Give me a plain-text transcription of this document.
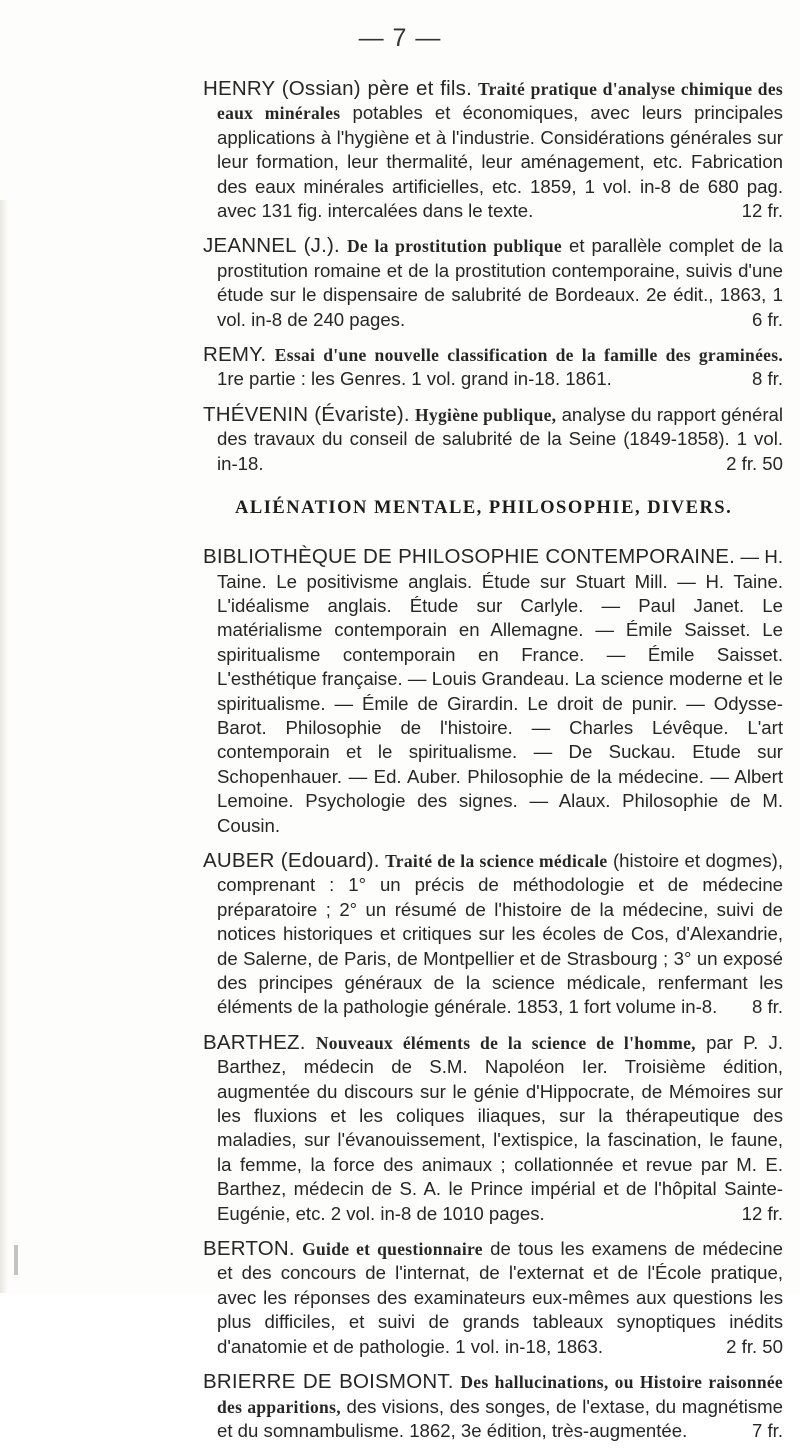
— 7 —

HENRY (Ossian) père et fils. Traité pratique d'analyse chimique des eaux minérales potables et économiques, avec leurs principales applications à l'hygiène et à l'industrie. Considérations générales sur leur formation, leur thermalité, leur aménagement, etc. Fabrication des eaux minérales artificielles, etc. 1859, 1 vol. in-8 de 680 pag. avec 131 fig. intercalées dans le texte.	12 fr.

JEANNEL (J.). De la prostitution publique et parallèle complet de la prostitution romaine et de la prostitution contemporaine, suivis d'une étude sur le dispensaire de salubrité de Bordeaux. 2e édit., 1863, 1 vol. in-8 de 240 pages.	6 fr.

REMY. Essai d'une nouvelle classification de la famille des graminées. 1re partie : les Genres. 1 vol. grand in-18. 1861.	8 fr.

THÉVENIN (Évariste). Hygiène publique, analyse du rapport général des travaux du conseil de salubrité de la Seine (1849-1858). 1 vol. in-18.	2 fr. 50

ALIÉNATION MENTALE, PHILOSOPHIE, DIVERS.

BIBLIOTHÈQUE DE PHILOSOPHIE CONTEMPORAINE. — H. Taine. Le positivisme anglais. Étude sur Stuart Mill. — H. Taine. L'idéalisme anglais. Étude sur Carlyle. — Paul Janet. Le matérialisme contemporain en Allemagne. — Émile Saisset. Le spiritualisme contemporain en France. — Émile Saisset. L'esthétique française. — Louis Grandeau. La science moderne et le spiritualisme. — Émile de Girardin. Le droit de punir. — Odysse-Barot. Philosophie de l'histoire. — Charles Lévêque. L'art contemporain et le spiritualisme. — De Suckau. Etude sur Schopenhauer. — Ed. Auber. Philosophie de la médecine. — Albert Lemoine. Psychologie des signes. — Alaux. Philosophie de M. Cousin.

AUBER (Edouard). Traité de la science médicale (histoire et dogmes), comprenant : 1° un précis de méthodologie et de médecine préparatoire ; 2° un résumé de l'histoire de la médecine, suivi de notices historiques et critiques sur les écoles de Cos, d'Alexandrie, de Salerne, de Paris, de Montpellier et de Strasbourg ; 3° un exposé des principes généraux de la science médicale, renfermant les éléments de la pathologie générale. 1853, 1 fort volume in-8. 8 fr.

BARTHEZ. Nouveaux éléments de la science de l'homme, par P. J. Barthez, médecin de S.M. Napoléon Ier. Troisième édition, augmentée du discours sur le génie d'Hippocrate, de Mémoires sur les fluxions et les coliques iliaques, sur la thérapeutique des maladies, sur l'évanouissement, l'extispice, la fascination, le faune, la femme, la force des animaux ; collationnée et revue par M. E. Barthez, médecin de S. A. le Prince impérial et de l'hôpital Sainte-Eugénie, etc. 2 vol. in-8 de 1010 pages.	12 fr.

BERTON. Guide et questionnaire de tous les examens de médecine et des concours de l'internat, de l'externat et de l'École pratique, avec les réponses des examinateurs eux-mêmes aux questions les plus difficiles, et suivi de grands tableaux synoptiques inédits d'anatomie et de pathologie. 1 vol. in-18, 1863.	2 fr. 50

BRIERRE DE BOISMONT. Des hallucinations, ou Histoire raisonnée des apparitions, des visions, des songes, de l'extase, du magnétisme et du somnambulisme. 1862, 3e édition, très-augmentée.	7 fr.
